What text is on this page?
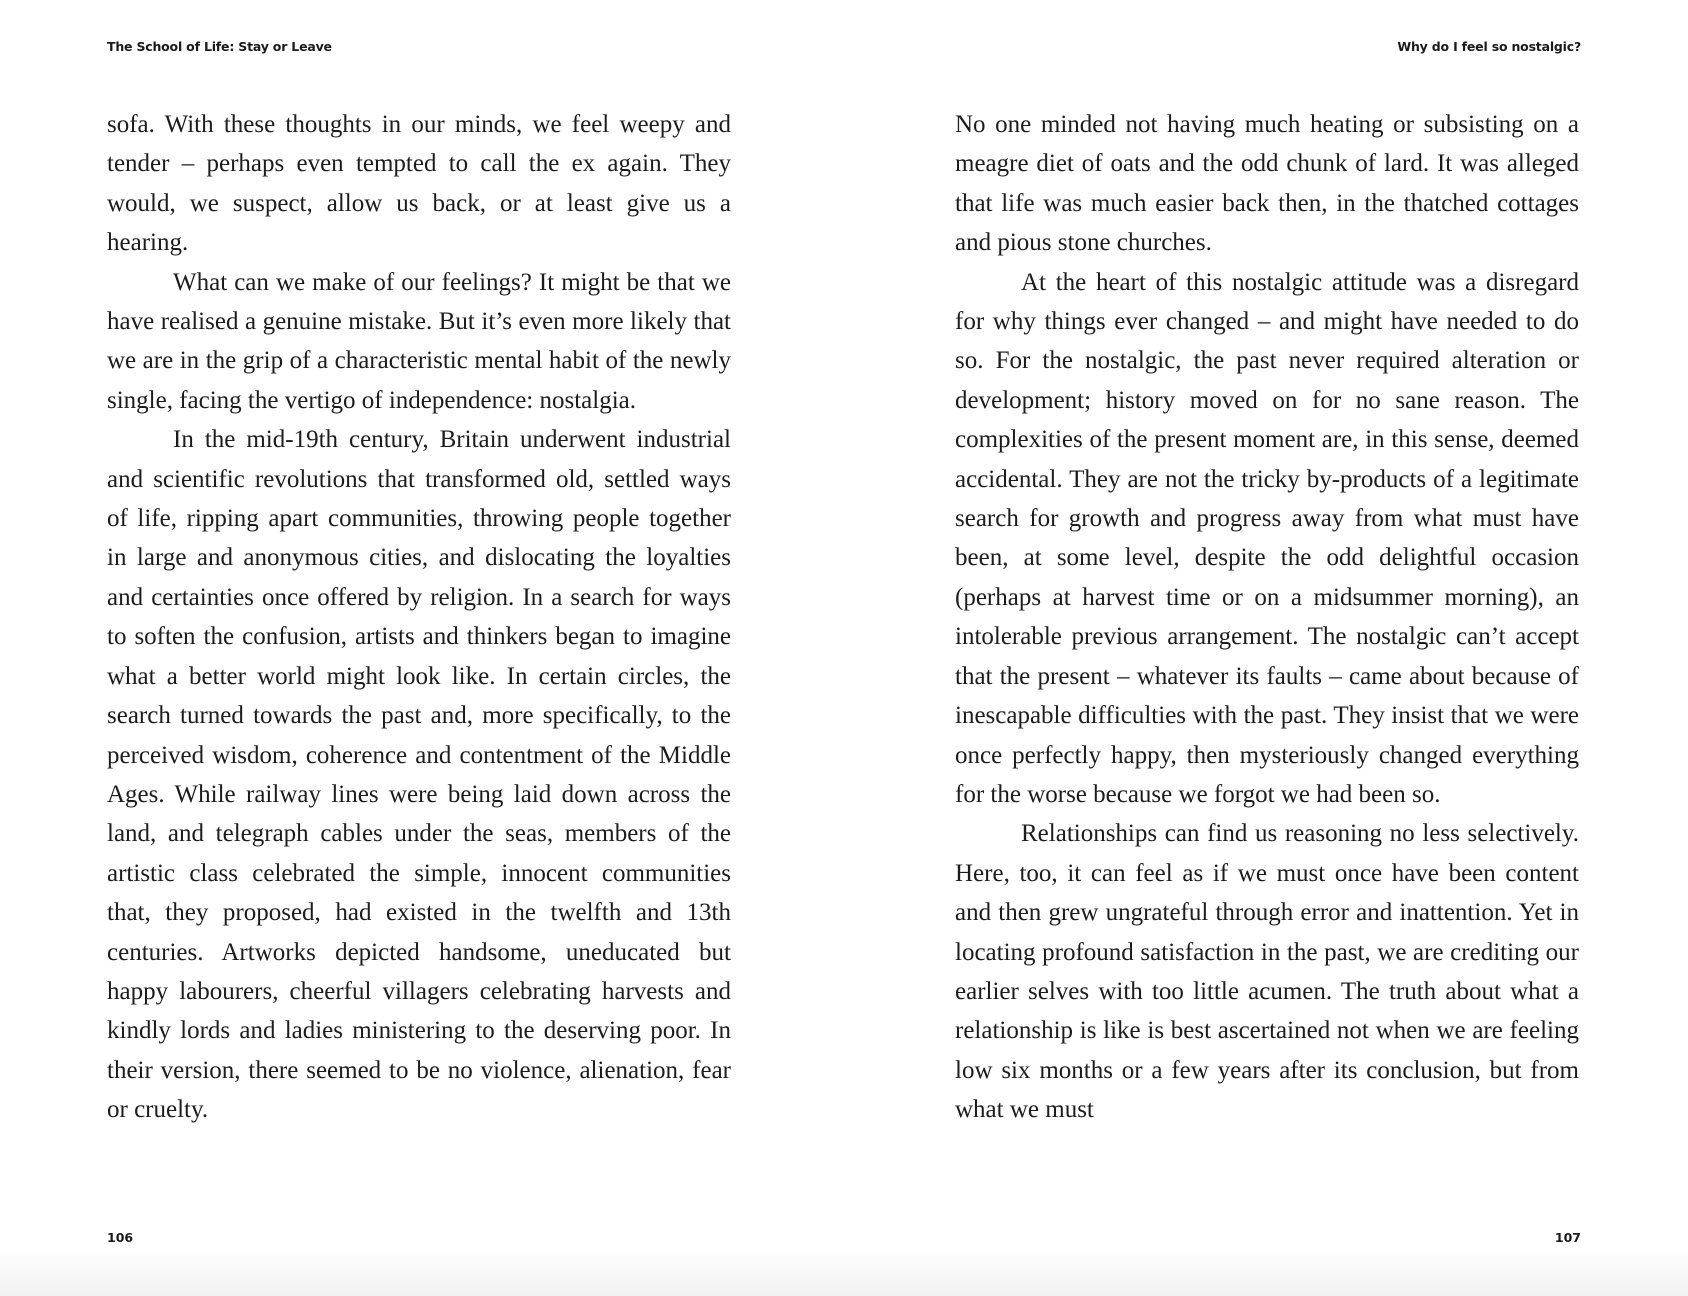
The School of Life: Stay or Leave	Why do I feel so nostalgic?

sofa. With these thoughts in our minds, we feel weepy and tender – perhaps even tempted to call the ex again. They would, we suspect, allow us back, or at least give us a hearing.

What can we make of our feelings? It might be that we have realised a genuine mistake. But it’s even more likely that we are in the grip of a characteristic mental habit of the newly single, facing the vertigo of independence: nostalgia.

In the mid-19th century, Britain underwent industrial and scientific revolutions that transformed old, settled ways of life, ripping apart communities, throwing people together in large and anonymous cities, and dislocating the loyalties and certainties once offered by religion. In a search for ways to soften the confusion, artists and thinkers began to imagine what a better world might look like. In certain circles, the search turned towards the past and, more specifically, to the perceived wisdom, coherence and contentment of the Middle Ages. While railway lines were being laid down across the land, and telegraph cables under the seas, members of the artistic class celebrated the simple, innocent communities that, they proposed, had existed in the twelfth and 13th centuries. Artworks depicted handsome, uneducated but happy labourers, cheerful villagers celebrating harvests and kindly lords and ladies ministering to the deserving poor. In their version, there seemed to be no violence, alienation, fear or cruelty.

No one minded not having much heating or subsisting on a meagre diet of oats and the odd chunk of lard. It was alleged that life was much easier back then, in the thatched cottages and pious stone churches.

At the heart of this nostalgic attitude was a disregard for why things ever changed – and might have needed to do so. For the nostalgic, the past never required alteration or development; history moved on for no sane reason. The complexities of the present moment are, in this sense, deemed accidental. They are not the tricky by-products of a legitimate search for growth and progress away from what must have been, at some level, despite the odd delightful occasion (perhaps at harvest time or on a midsummer morning), an intolerable previous arrangement. The nostalgic can’t accept that the present – whatever its faults – came about because of inescapable difficulties with the past. They insist that we were once perfectly happy, then mysteriously changed everything for the worse because we forgot we had been so.

Relationships can find us reasoning no less selectively. Here, too, it can feel as if we must once have been content and then grew ungrateful through error and inattention. Yet in locating profound satisfaction in the past, we are crediting our earlier selves with too little acumen. The truth about what a relationship is like is best ascertained not when we are feeling low six months or a few years after its conclusion, but from what we must

106	107
